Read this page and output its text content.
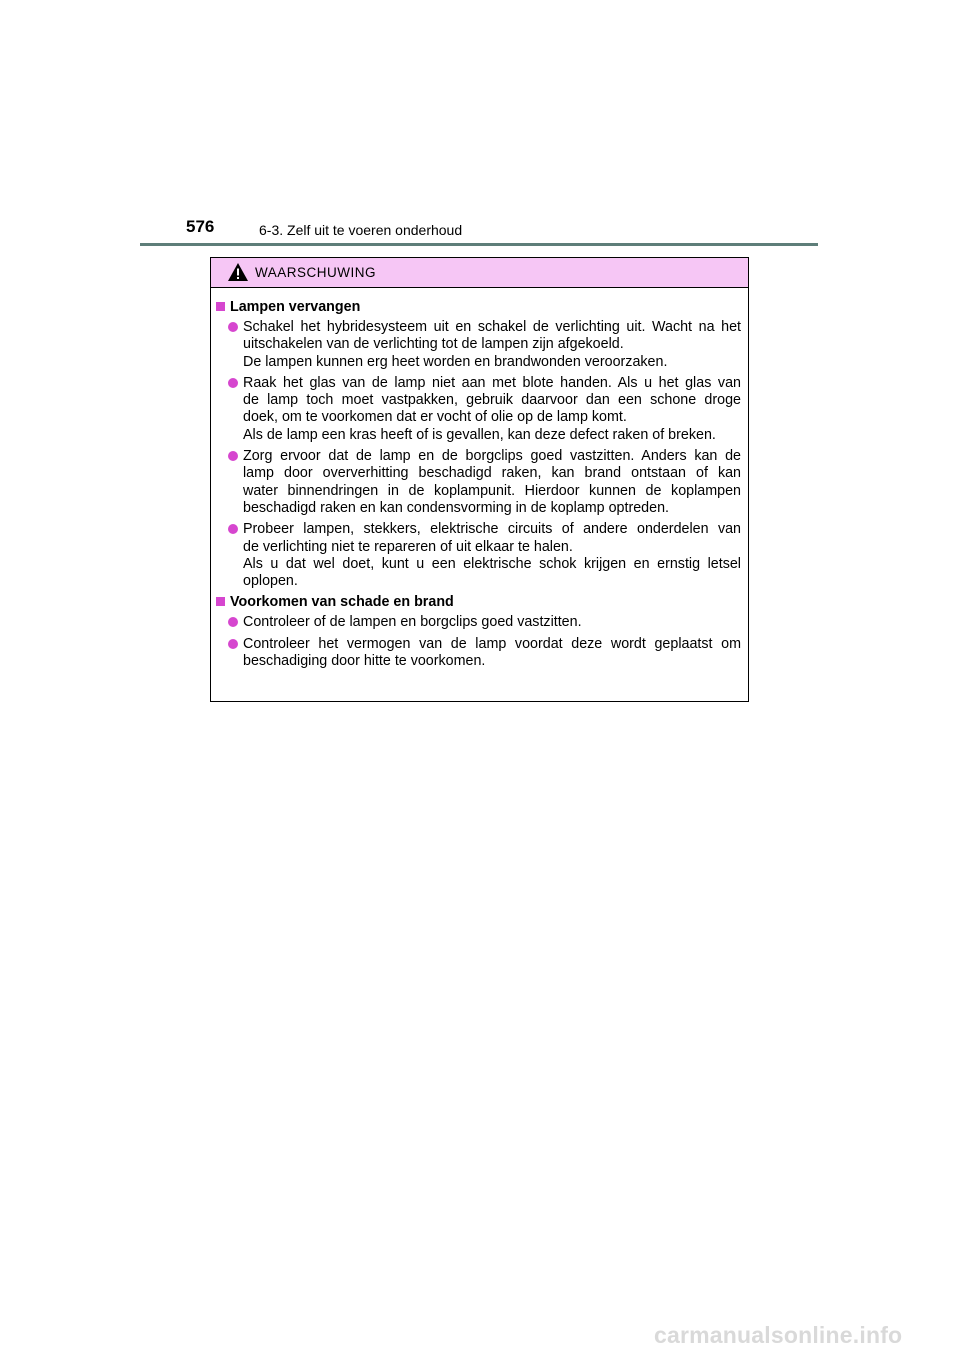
576	6-3. Zelf uit te voeren onderhoud
WAARSCHUWING
Lampen vervangen
Schakel het hybridesysteem uit en schakel de verlichting uit. Wacht na het
uitschakelen van de verlichting tot de lampen zijn afgekoeld.
De lampen kunnen erg heet worden en brandwonden veroorzaken.
Raak het glas van de lamp niet aan met blote handen. Als u het glas van
de lamp toch moet vastpakken, gebruik daarvoor dan een schone droge
doek, om te voorkomen dat er vocht of olie op de lamp komt.
Als de lamp een kras heeft of is gevallen, kan deze defect raken of breken.
Zorg ervoor dat de lamp en de borgclips goed vastzitten. Anders kan de
lamp door oververhitting beschadigd raken, kan brand ontstaan of kan
water binnendringen in de koplampunit. Hierdoor kunnen de koplampen
beschadigd raken en kan condensvorming in de koplamp optreden.
Probeer lampen, stekkers, elektrische circuits of andere onderdelen van
de verlichting niet te repareren of uit elkaar te halen.
Als u dat wel doet, kunt u een elektrische schok krijgen en ernstig letsel
oplopen.
Voorkomen van schade en brand
Controleer of de lampen en borgclips goed vastzitten.
Controleer het vermogen van de lamp voordat deze wordt geplaatst om
beschadiging door hitte te voorkomen.
carmanualsonline.info
